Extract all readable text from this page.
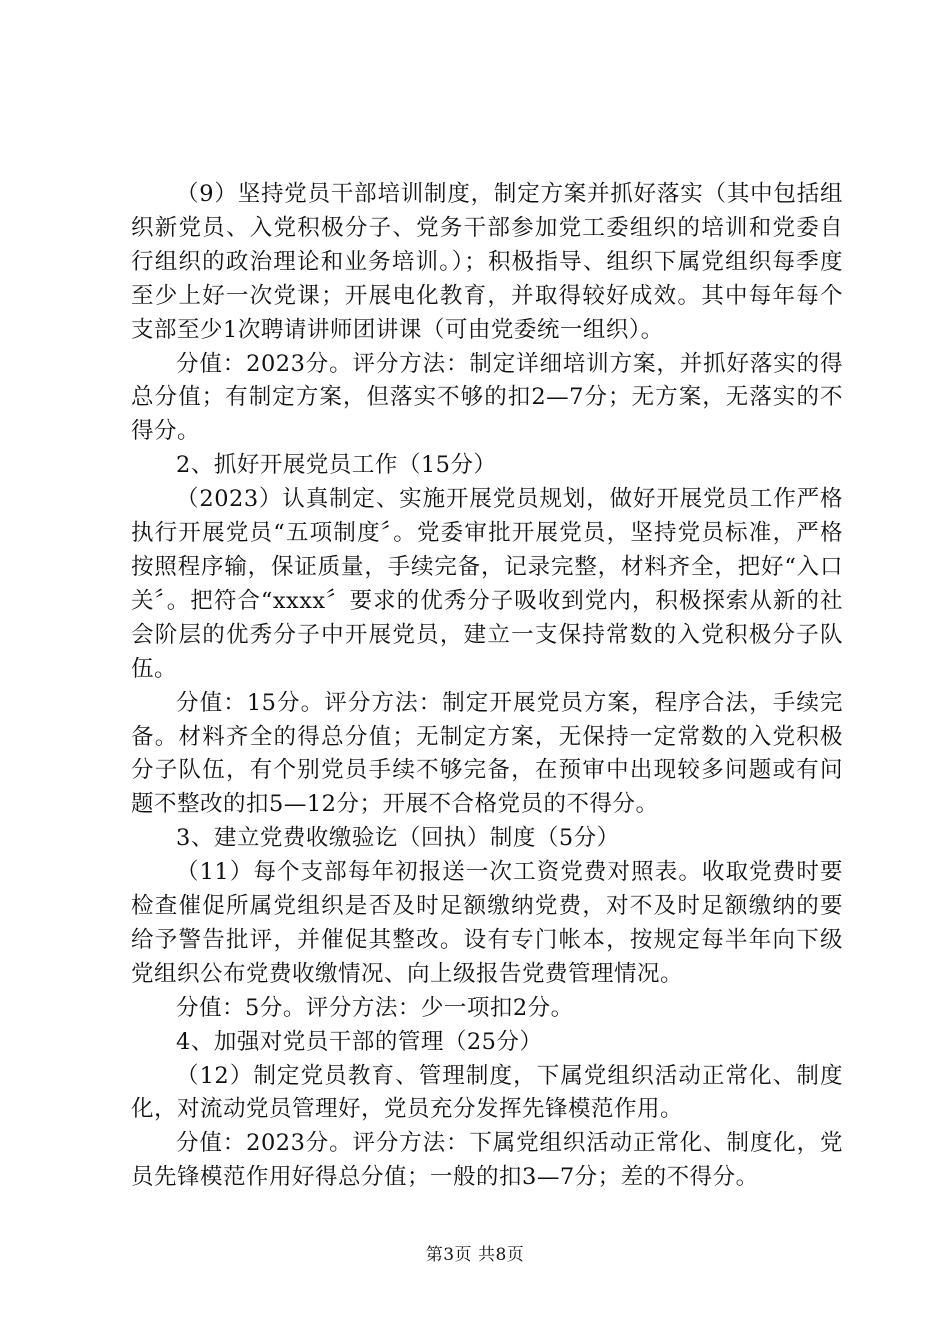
（9）坚持党员干部培训制度，制定方案并抓好落实（其中包括组织新党员、入党积极分子、党务干部参加党工委组织的培训和党委自行组织的政治理论和业务培训。）；积极指导、组织下属党组织每季度至少上好一次党课；开展电化教育，并取得较好成效。其中每年每个支部至少1次聘请讲师团讲课（可由党委统一组织）。

分值：2023分。评分方法：制定详细培训方案，并抓好落实的得总分值；有制定方案，但落实不够的扣2—7分；无方案，无落实的不得分。

2、抓好开展党员工作（15分）

（2023）认真制定、实施开展党员规划，做好开展党员工作严格执行开展党员“五项制度〞。党委审批开展党员，坚持党员标准，严格按照程序输，保证质量，手续完备，记录完整，材料齐全，把好“入口关〞。把符合“xxxx〞要求的优秀分子吸收到党内，积极探索从新的社会阶层的优秀分子中开展党员，建立一支保持常数的入党积极分子队伍。

分值：15分。评分方法：制定开展党员方案，程序合法，手续完备。材料齐全的得总分值；无制定方案，无保持一定常数的入党积极分子队伍，有个别党员手续不够完备，在预审中出现较多问题或有问题不整改的扣5—12分；开展不合格党员的不得分。

3、建立党费收缴验讫（回执）制度（5分）

（11）每个支部每年初报送一次工资党费对照表。收取党费时要检查催促所属党组织是否及时足额缴纳党费，对不及时足额缴纳的要给予警告批评，并催促其整改。设有专门帐本，按规定每半年向下级党组织公布党费收缴情况、向上级报告党费管理情况。

分值：5分。评分方法：少一项扣2分。

4、加强对党员干部的管理（25分）

（12）制定党员教育、管理制度，下属党组织活动正常化、制度化，对流动党员管理好，党员充分发挥先锋模范作用。

分值：2023分。评分方法：下属党组织活动正常化、制度化，党员先锋模范作用好得总分值；一般的扣3—7分；差的不得分。

第3页 共8页
